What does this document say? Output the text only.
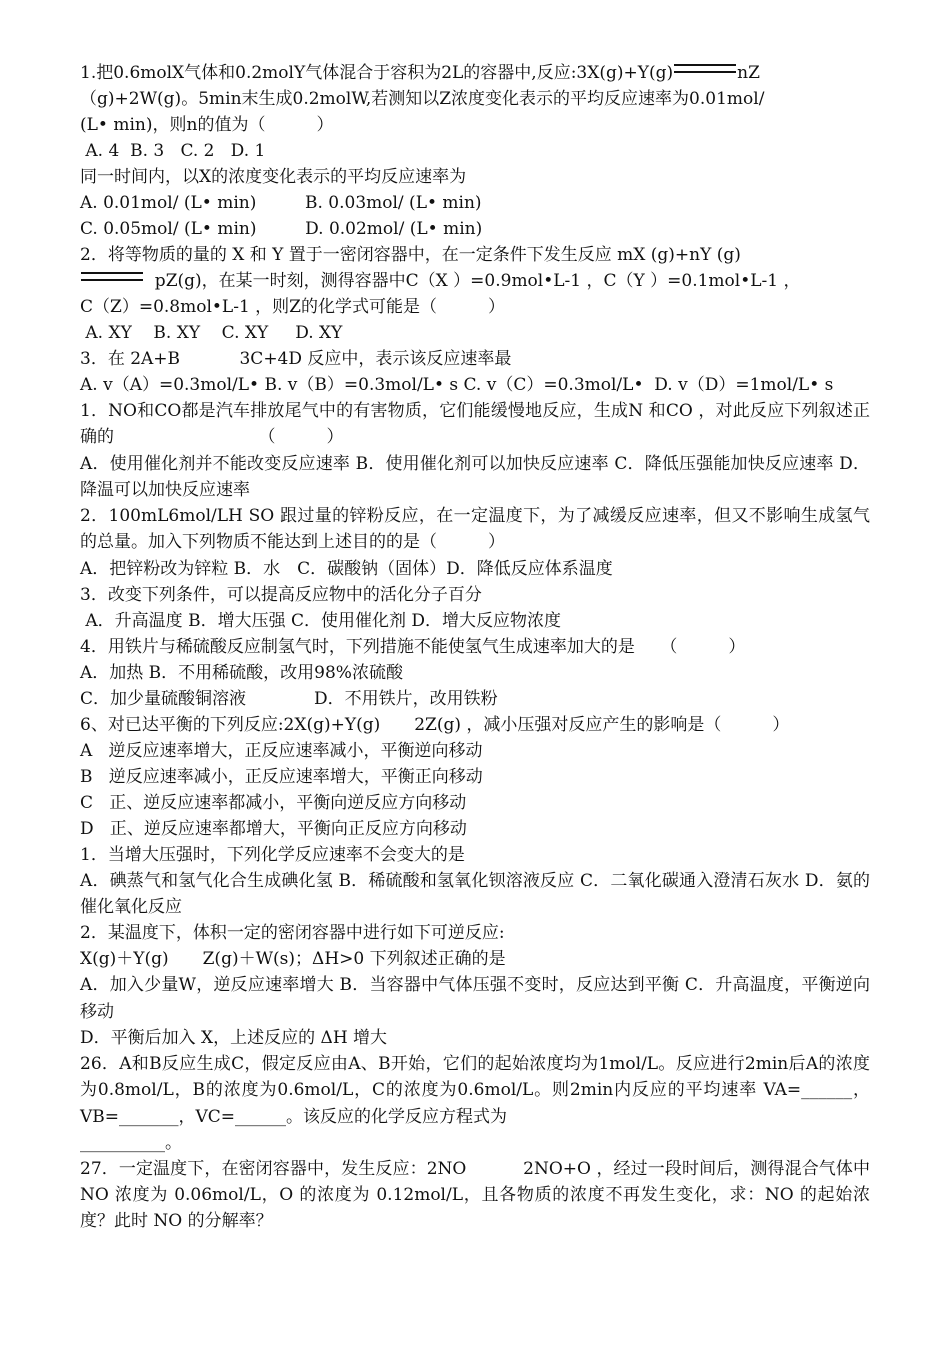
1.把0.6molX气体和0.2molY气体混合于容积为2L的容器中,反应:3X(g)+Y(g)	nZ
（g)+2W(g)。5min末生成0.2molW,若测知以Z浓度变化表示的平均反应速率为0.01mol/
(L• min)，则n的值为（　　　）
A. 4  B. 3   C. 2   D. 1
同一时间内，以X的浓度变化表示的平均反应速率为
A. 0.01mol/ (L• min)         B. 0.03mol/ (L• min)
C. 0.05mol/ (L• min)         D. 0.02mol/ (L• min)
2．将等物质的量的 X 和 Y 置于一密闭容器中，在一定条件下发生反应 mX (g)+nY (g)
pZ(g)，在某一时刻，测得容器中C（X ）=0.9mol•L-1 ，C（Y ）=0.1mol•L-1 ，
C（Z）=0.8mol•L-1 ，则Z的化学式可能是（　　　）
A. XY    B. XY    C. XY     D. XY
3．在 2A+B           3C+4D 反应中，表示该反应速率最
A. v（A）=0.3mol/L• B. v（B）=0.3mol/L• s C. v（C）=0.3mol/L•  D. v（D）=1mol/L• s
1．NO和CO都是汽车排放尾气中的有害物质，它们能缓慢地反应，生成N 和CO ，对此反应下列叙述正确的　　　　　　　　　（　　　）
A．使用催化剂并不能改变反应速率 B．使用催化剂可以加快反应速率 C．降低压强能加快反应速率 D．降温可以加快反应速率
2．100mL6mol/LH SO 跟过量的锌粉反应，在一定温度下，为了减缓反应速率，但又不影响生成氢气的总量。加入下列物质不能达到上述目的的是（　　　）
A．把锌粉改为锌粒 B．水　C．碳酸钠（固体）D．降低反应体系温度
3．改变下列条件，可以提高反应物中的活化分子百分
A．升高温度 B．增大压强 C．使用催化剂 D．增大反应物浓度
4．用铁片与稀硫酸反应制氢气时，下列措施不能使氢气生成速率加大的是　　（　　　）
A．加热 B．不用稀硫酸，改用98%浓硫酸
C．加少量硫酸铜溶液　　　　D．不用铁片，改用铁粉
6、对已达平衡的下列反应:2X(g)+Y(g)　　2Z(g) ，减小压强对反应产生的影响是（　　　）
A   逆反应速率增大，正反应速率减小，平衡逆向移动
B   逆反应速率减小，正反应速率增大，平衡正向移动
C   正、逆反应速率都减小，平衡向逆反应方向移动
D   正、逆反应速率都增大，平衡向正反应方向移动
1．当增大压强时，下列化学反应速率不会变大的是
A．碘蒸气和氢气化合生成碘化氢 B．稀硫酸和氢氧化钡溶液反应 C．二氧化碳通入澄清石灰水 D．氨的催化氧化反应
2．某温度下，体积一定的密闭容器中进行如下可逆反应:
X(g)＋Y(g)　　Z(g)＋W(s)；ΔH>0 下列叙述正确的是
A．加入少量W，逆反应速率增大 B．当容器中气体压强不变时，反应达到平衡 C．升高温度，平衡逆向移动
D．平衡后加入 X，上述反应的 ΔH 增大
26．A和B反应生成C，假定反应由A、B开始，它们的起始浓度均为1mol/L。反应进行2min后A的浓度为0.8mol/L，B的浓度为0.6mol/L，C的浓度为0.6mol/L。则2min内反应的平均速率 VA=______，VB=_______，VC=______。该反应的化学反应方程式为
__________。
27．一定温度下，在密闭容器中，发生反应：2NO 　　　2NO+O ，经过一段时间后，测得混合气体中 NO 浓度为 0.06mol/L，O 的浓度为 0.12mol/L，且各物质的浓度不再发生变化，求：NO 的起始浓度？此时 NO 的分解率？
